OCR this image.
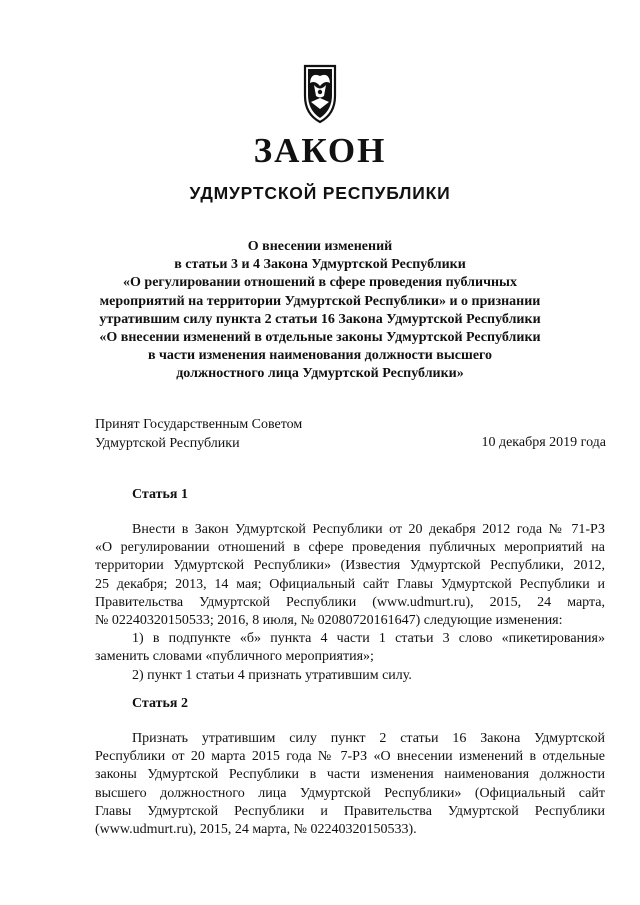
ЗАКОН
УДМУРТСКОЙ РЕСПУБЛИКИ
О внесении изменений
в статьи 3 и 4 Закона Удмуртской Республики
«О регулировании отношений в сфере проведения публичных
мероприятий на территории Удмуртской Республики» и о признании
утратившим силу пункта 2 статьи 16 Закона Удмуртской Республики
«О внесении изменений в отдельные законы Удмуртской Республики
в части изменения наименования должности высшего
должностного лица Удмуртской Республики»
Принят Государственным Советом
Удмуртской Республики	10 декабря 2019 года
Статья 1
Внести в Закон Удмуртской Республики от 20 декабря 2012 года № 71-РЗ
«О регулировании отношений в сфере проведения публичных мероприятий на
территории Удмуртской Республики» (Известия Удмуртской Республики, 2012,
25 декабря; 2013, 14 мая; Официальный сайт Главы Удмуртской Республики и
Правительства Удмуртской Республики (www.udmurt.ru), 2015, 24 марта,
№ 02240320150533; 2016, 8 июля, № 02080720161647) следующие изменения:
1) в подпункте «б» пункта 4 части 1 статьи 3 слово «пикетирования»
заменить словами «публичного мероприятия»;
2) пункт 1 статьи 4 признать утратившим силу.
Статья 2
Признать утратившим силу пункт 2 статьи 16 Закона Удмуртской
Республики от 20 марта 2015 года № 7-РЗ «О внесении изменений в отдельные
законы Удмуртской Республики в части изменения наименования должности
высшего должностного лица Удмуртской Республики» (Официальный сайт
Главы Удмуртской Республики и Правительства Удмуртской Республики
(www.udmurt.ru), 2015, 24 марта, № 02240320150533).
